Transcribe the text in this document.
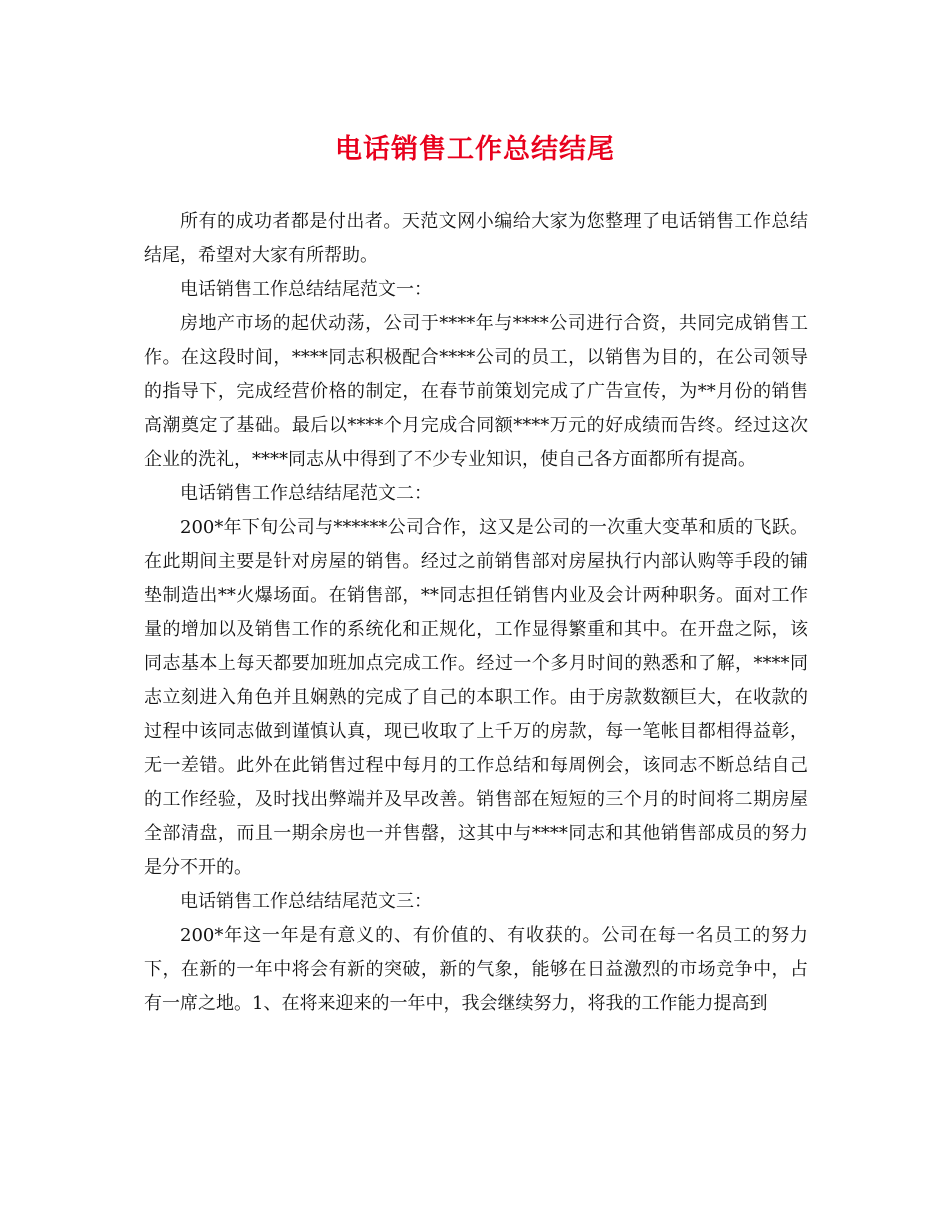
电话销售工作总结结尾

所有的成功者都是付出者。天范文网小编给大家为您整理了电话销售工作总结结尾，希望对大家有所帮助。

电话销售工作总结结尾范文一：

房地产市场的起伏动荡，公司于****年与****公司进行合资，共同完成销售工作。在这段时间，****同志积极配合****公司的员工，以销售为目的，在公司领导的指导下，完成经营价格的制定，在春节前策划完成了广告宣传，为**月份的销售高潮奠定了基础。最后以****个月完成合同额****万元的好成绩而告终。经过这次企业的洗礼，****同志从中得到了不少专业知识，使自己各方面都所有提高。

电话销售工作总结结尾范文二：

200*年下旬公司与******公司合作，这又是公司的一次重大变革和质的飞跃。在此期间主要是针对房屋的销售。经过之前销售部对房屋执行内部认购等手段的铺垫制造出**火爆场面。在销售部，**同志担任销售内业及会计两种职务。面对工作量的增加以及销售工作的系统化和正规化，工作显得繁重和其中。在开盘之际，该同志基本上每天都要加班加点完成工作。经过一个多月时间的熟悉和了解，****同志立刻进入角色并且娴熟的完成了自己的本职工作。由于房款数额巨大，在收款的过程中该同志做到谨慎认真，现已收取了上千万的房款，每一笔帐目都相得益彰，无一差错。此外在此销售过程中每月的工作总结和每周例会，该同志不断总结自己的工作经验，及时找出弊端并及早改善。销售部在短短的三个月的时间将二期房屋全部清盘，而且一期余房也一并售罄，这其中与****同志和其他销售部成员的努力是分不开的。

电话销售工作总结结尾范文三：

200*年这一年是有意义的、有价值的、有收获的。公司在每一名员工的努力下，在新的一年中将会有新的突破，新的气象，能够在日益激烈的市场竞争中，占有一席之地。1、在将来迎来的一年中，我会继续努力，将我的工作能力提高到
